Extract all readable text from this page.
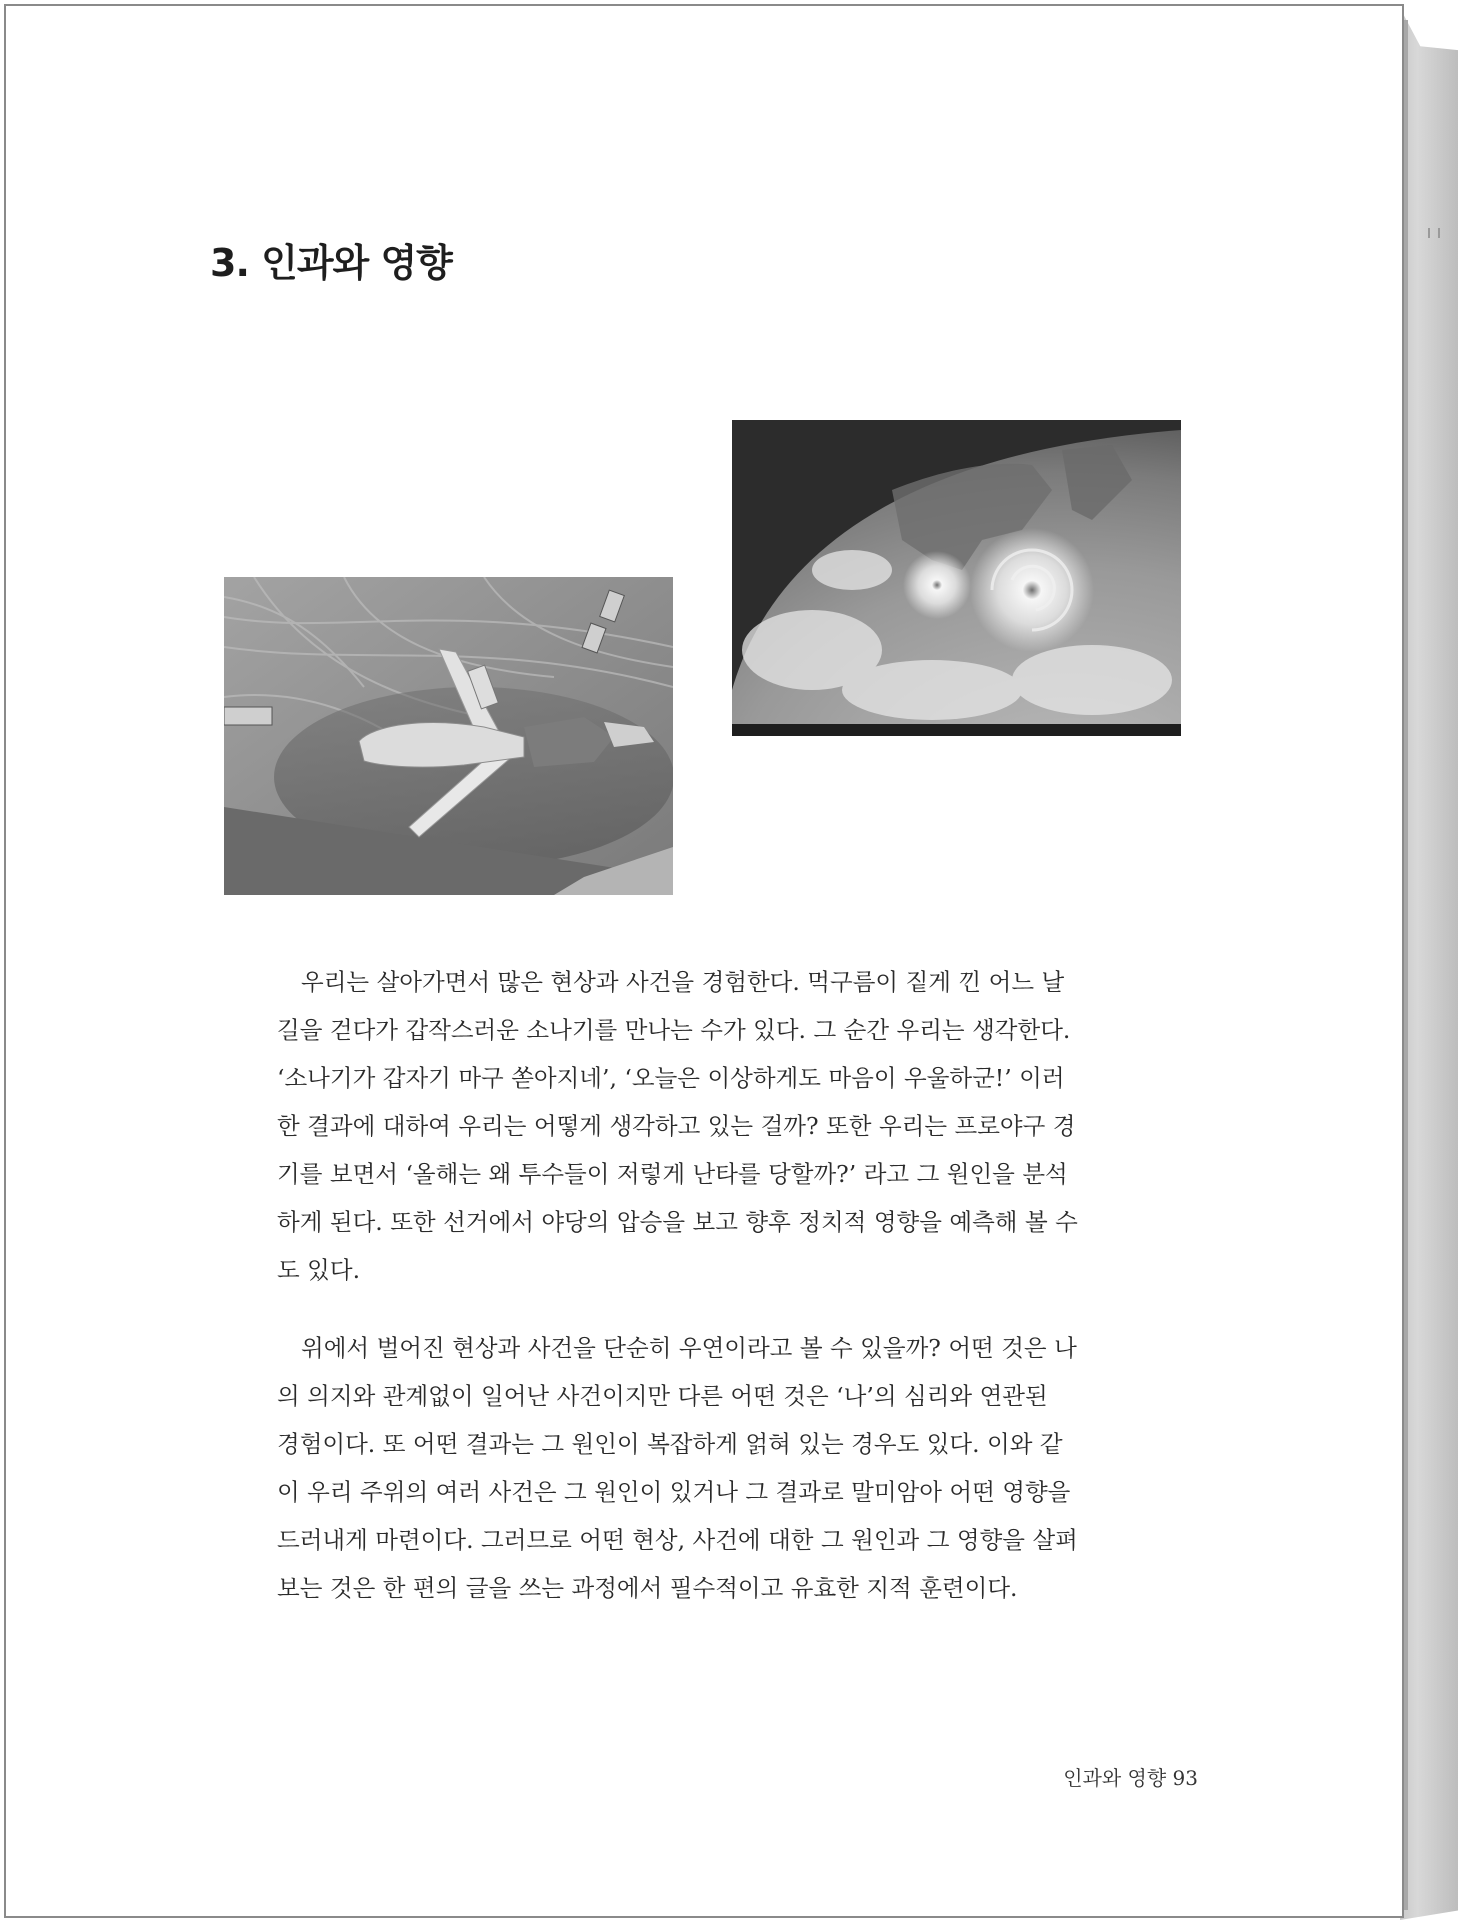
3. 인과와 영향

우리는 살아가면서 많은 현상과 사건을 경험한다. 먹구름이 짙게 낀 어느 날
길을 걷다가 갑작스러운 소나기를 만나는 수가 있다. 그 순간 우리는 생각한다.
‘소나기가 갑자기 마구 쏟아지네’, ‘오늘은 이상하게도 마음이 우울하군!’ 이러
한 결과에 대하여 우리는 어떻게 생각하고 있는 걸까? 또한 우리는 프로야구 경
기를 보면서 ‘올해는 왜 투수들이 저렇게 난타를 당할까?’ 라고 그 원인을 분석
하게 된다. 또한 선거에서 야당의 압승을 보고 향후 정치적 영향을 예측해 볼 수
도 있다.

위에서 벌어진 현상과 사건을 단순히 우연이라고 볼 수 있을까? 어떤 것은 나
의 의지와 관계없이 일어난 사건이지만 다른 어떤 것은 ‘나’의 심리와 연관된
경험이다. 또 어떤 결과는 그 원인이 복잡하게 얽혀 있는 경우도 있다. 이와 같
이 우리 주위의 여러 사건은 그 원인이 있거나 그 결과로 말미암아 어떤 영향을
드러내게 마련이다. 그러므로 어떤 현상, 사건에 대한 그 원인과 그 영향을 살펴
보는 것은 한 편의 글을 쓰는 과정에서 필수적이고 유효한 지적 훈련이다.

인과와 영향 93
